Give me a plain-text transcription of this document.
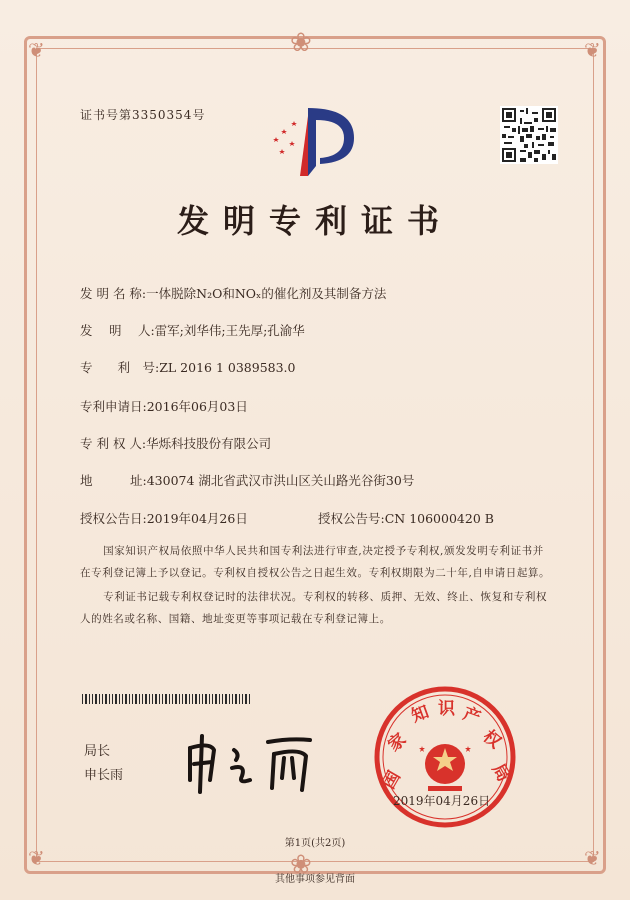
❦	❦
❦	❦
❀
❀
证书号第3350354号
发明专利证书
发 明 名 称:一体脱除N₂O和NOₓ的催化剂及其制备方法
发　 明　 人:雷军;刘华伟;王先厚;孔渝华
专　　利　号:ZL 2016 1 0389583.0
专利申请日:2016年06月03日
专 利 权 人:华烁科技股份有限公司
地　　　址:430074 湖北省武汉市洪山区关山路光谷街30号
授权公告日:2019年04月26日	授权公告号:CN 106000420 B
国家知识产权局依照中华人民共和国专利法进行审查,决定授予专利权,颁发发明专利证书并在专利登记簿上予以登记。专利权自授权公告之日起生效。专利权期限为二十年,自申请日起算。
专利证书记载专利权登记时的法律状况。专利权的转移、质押、无效、终止、恢复和专利权人的姓名或名称、国籍、地址变更等事项记载在专利登记簿上。
局长
申长雨	国
家
知 识 产
权
局
2019年04月26日
第1页(共2页)
其他事项参见背面
